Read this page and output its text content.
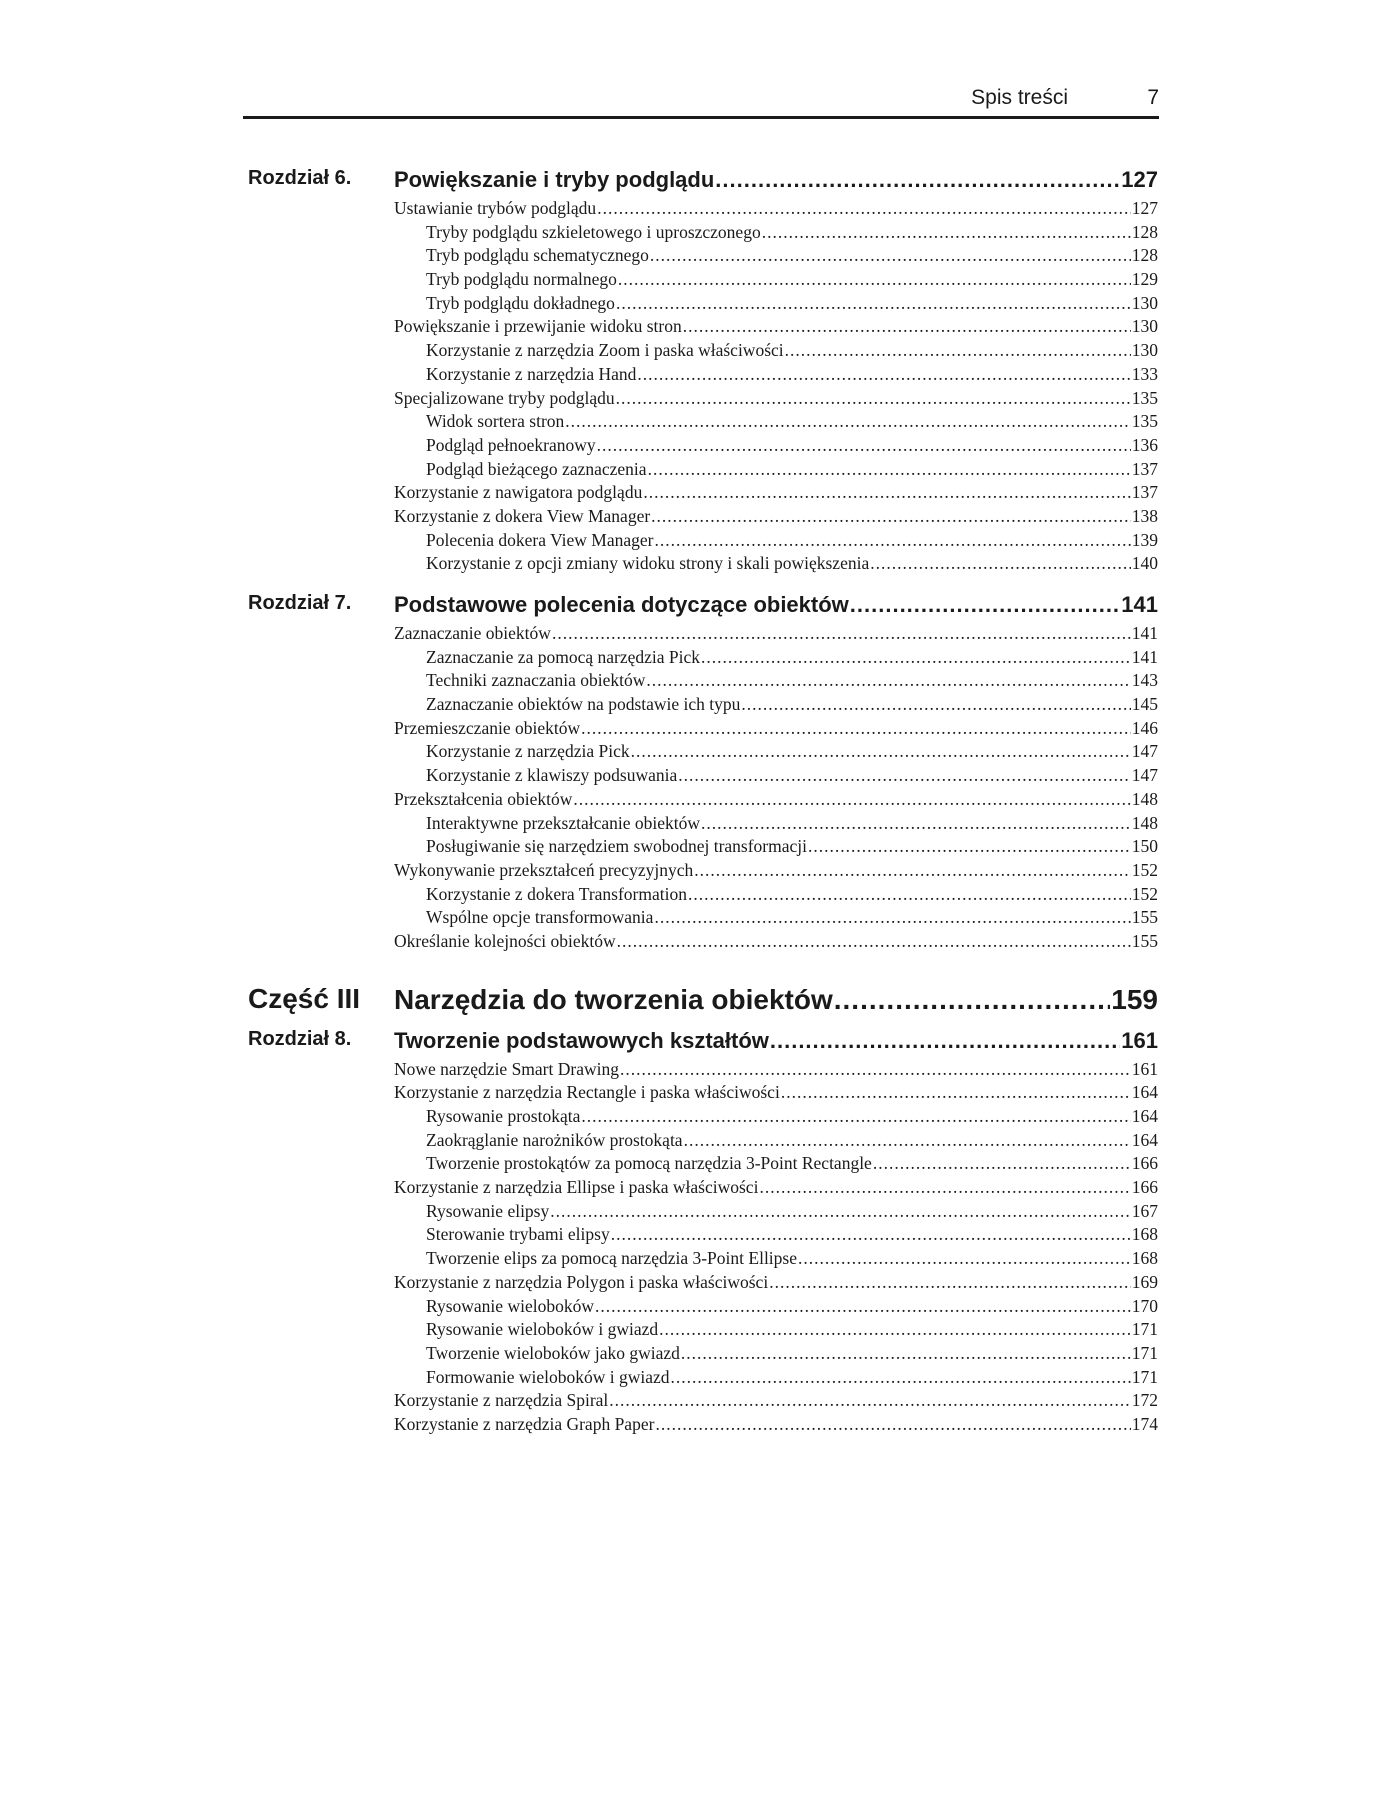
Spis treści	7
Rozdział 6. Powiększanie i tryby podglądu .....	127
Ustawianie trybów podglądu .....	127
Tryby podglądu szkieletowego i uproszczonego .....	128
Tryb podglądu schematycznego .....	128
Tryb podglądu normalnego .....	129
Tryb podglądu dokładnego .....	130
Powiększanie i przewijanie widoku stron .....	130
Korzystanie z narzędzia Zoom i paska właściwości .....	130
Korzystanie z narzędzia Hand .....	133
Specjalizowane tryby podglądu .....	135
Widok sortera stron .....	135
Podgląd pełnoekranowy .....	136
Podgląd bieżącego zaznaczenia .....	137
Korzystanie z nawigatora podglądu .....	137
Korzystanie z dokera View Manager .....	138
Polecenia dokera View Manager .....	139
Korzystanie z opcji zmiany widoku strony i skali powiększenia .....	140
Rozdział 7. Podstawowe polecenia dotyczące obiektów .....	141
Zaznaczanie obiektów .....	141
Zaznaczanie za pomocą narzędzia Pick .....	141
Techniki zaznaczania obiektów .....	143
Zaznaczanie obiektów na podstawie ich typu .....	145
Przemieszczanie obiektów .....	146
Korzystanie z narzędzia Pick .....	147
Korzystanie z klawiszy podsuwania .....	147
Przekształcenia obiektów .....	148
Interaktywne przekształcanie obiektów .....	148
Posługiwanie się narzędziem swobodnej transformacji .....	150
Wykonywanie przekształceń precyzyjnych .....	152
Korzystanie z dokera Transformation .....	152
Wspólne opcje transformowania .....	155
Określanie kolejności obiektów .....	155
Część III Narzędzia do tworzenia obiektów .....	159
Rozdział 8. Tworzenie podstawowych kształtów .....	161
Nowe narzędzie Smart Drawing .....	161
Korzystanie z narzędzia Rectangle i paska właściwości .....	164
Rysowanie prostokąta .....	164
Zaokrąglanie narożników prostokąta .....	164
Tworzenie prostokątów za pomocą narzędzia 3-Point Rectangle .....	166
Korzystanie z narzędzia Ellipse i paska właściwości .....	166
Rysowanie elipsy .....	167
Sterowanie trybami elipsy .....	168
Tworzenie elips za pomocą narzędzia 3-Point Ellipse .....	168
Korzystanie z narzędzia Polygon i paska właściwości .....	169
Rysowanie wieloboków .....	170
Rysowanie wieloboków i gwiazd .....	171
Tworzenie wieloboków jako gwiazd .....	171
Formowanie wieloboków i gwiazd .....	171
Korzystanie z narzędzia Spiral .....	172
Korzystanie z narzędzia Graph Paper .....	174
